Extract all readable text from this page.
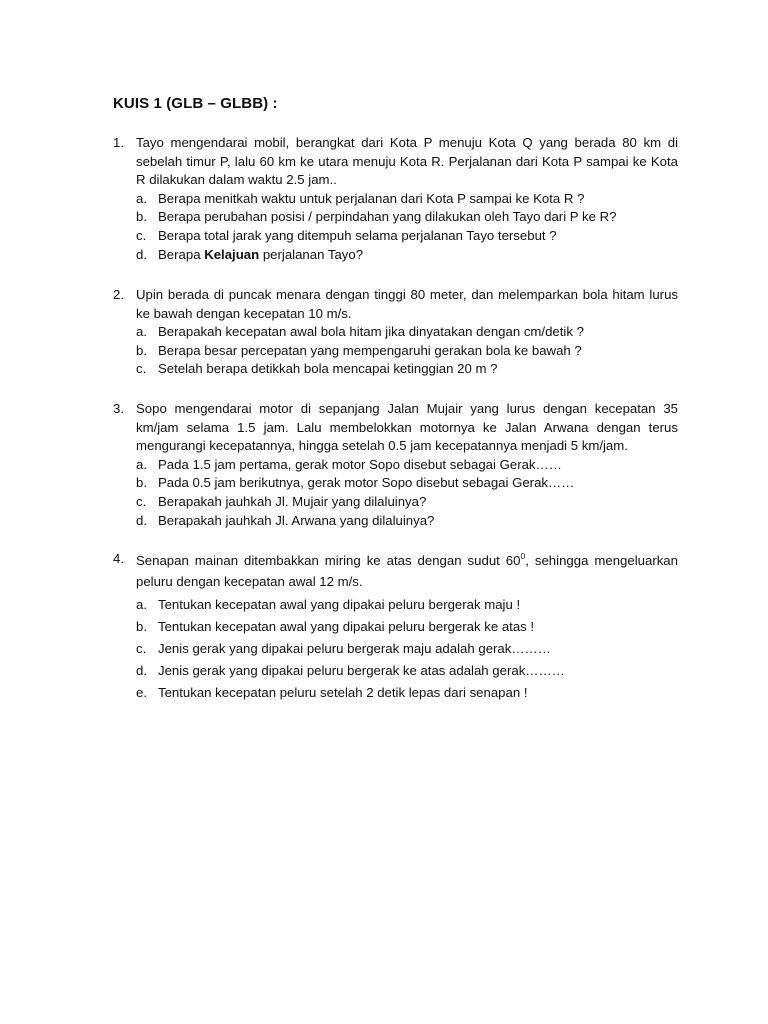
KUIS 1 (GLB – GLBB) :
1. Tayo mengendarai mobil, berangkat dari Kota P menuju Kota Q yang berada 80 km di sebelah timur P, lalu 60 km ke utara menuju Kota R. Perjalanan dari Kota P sampai ke Kota R dilakukan dalam waktu 2.5 jam..
a. Berapa menitkah waktu untuk perjalanan dari Kota P sampai ke Kota R ?
b. Berapa perubahan posisi / perpindahan yang dilakukan oleh Tayo dari P ke R?
c. Berapa total jarak yang ditempuh selama perjalanan Tayo tersebut ?
d. Berapa Kelajuan perjalanan Tayo?
2. Upin berada di puncak menara dengan tinggi 80 meter, dan melemparkan bola hitam lurus ke bawah dengan kecepatan 10 m/s.
a. Berapakah kecepatan awal bola hitam jika dinyatakan dengan cm/detik ?
b. Berapa besar percepatan yang mempengaruhi gerakan bola ke bawah ?
c. Setelah berapa detikkah bola mencapai ketinggian 20 m ?
3. Sopo mengendarai motor di sepanjang Jalan Mujair yang lurus dengan kecepatan 35 km/jam selama 1.5 jam. Lalu membelokkan motornya ke Jalan Arwana dengan terus mengurangi kecepatannya, hingga setelah 0.5 jam kecepatannya menjadi 5 km/jam.
a. Pada 1.5 jam pertama, gerak motor Sopo disebut sebagai Gerak……
b. Pada 0.5 jam berikutnya, gerak motor Sopo disebut sebagai Gerak……
c. Berapakah jauhkah Jl. Mujair yang dilaluinya?
d. Berapakah jauhkah Jl. Arwana yang dilaluinya?
4. Senapan mainan ditembakkan miring ke atas dengan sudut $60^0$, sehingga mengeluarkan peluru dengan kecepatan awal 12 m/s.
a. Tentukan kecepatan awal yang dipakai peluru bergerak maju !
b. Tentukan kecepatan awal yang dipakai peluru bergerak ke atas !
c. Jenis gerak yang dipakai peluru bergerak maju adalah gerak………
d. Jenis gerak yang dipakai peluru bergerak ke atas adalah gerak………
e. Tentukan kecepatan peluru setelah 2 detik lepas dari senapan !
